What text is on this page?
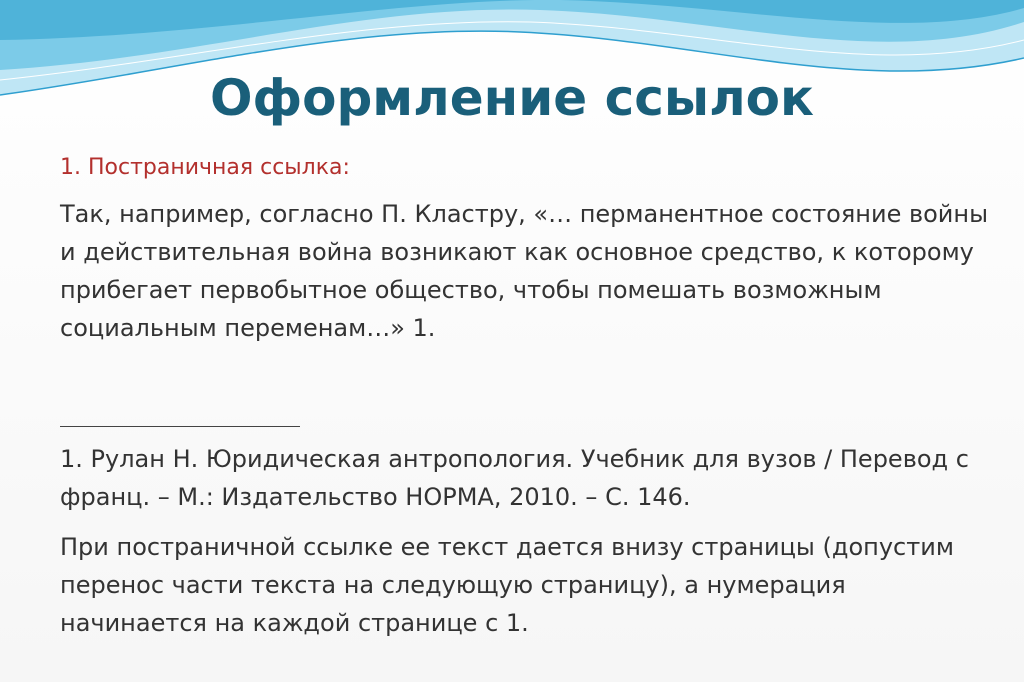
Оформление ссылок

1. Постраничная ссылка:

Так, например, согласно П. Кластру, «… перманентное состояние войны и действительная война возникают как основное средство, к которому прибегает первобытное общество, чтобы помешать возможным социальным переменам…» 1.

1. Рулан Н. Юридическая антропология. Учебник для вузов / Перевод с франц. – М.: Издательство НОРМА, 2010. – С. 146.

При постраничной ссылке ее текст дается внизу страницы (допустим перенос части текста на следующую страницу), а нумерация начинается на каждой странице с 1.
